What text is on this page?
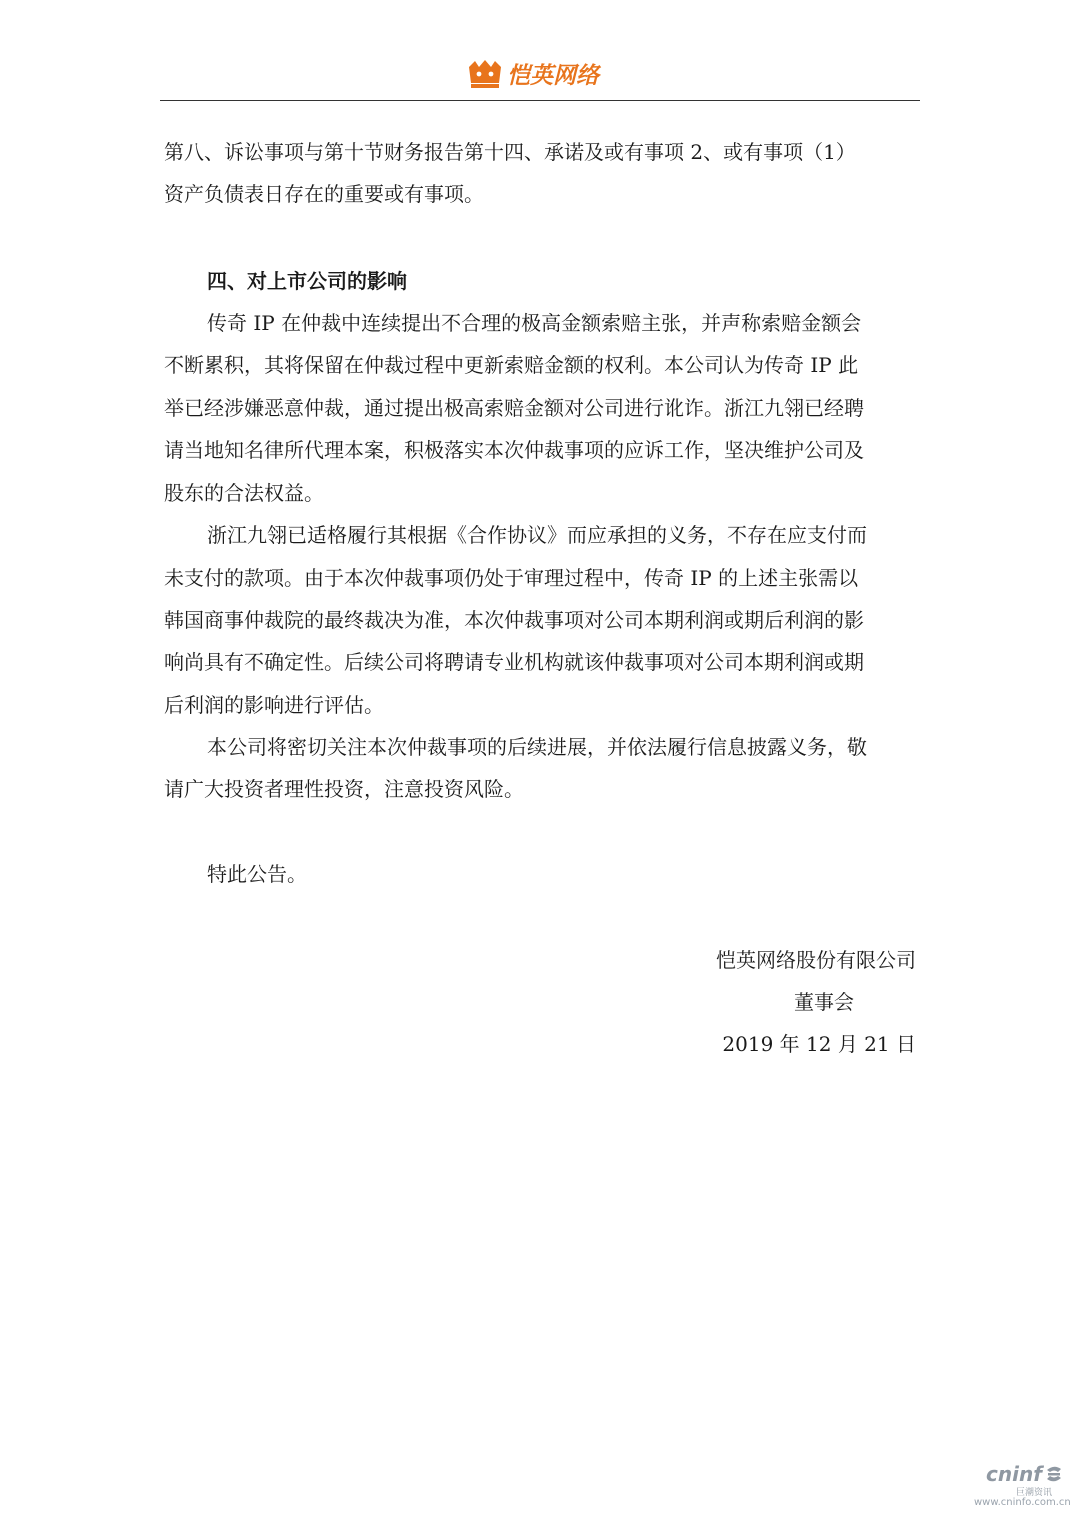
恺英网络
第八、诉讼事项与第十节财务报告第十四、承诺及或有事项 2、或有事项（1）
资产负债表日存在的重要或有事项。
四、对上市公司的影响
传奇 IP 在仲裁中连续提出不合理的极高金额索赔主张，并声称索赔金额会
不断累积，其将保留在仲裁过程中更新索赔金额的权利。本公司认为传奇 IP 此
举已经涉嫌恶意仲裁，通过提出极高索赔金额对公司进行讹诈。浙江九翎已经聘
请当地知名律所代理本案，积极落实本次仲裁事项的应诉工作，坚决维护公司及
股东的合法权益。
浙江九翎已适格履行其根据《合作协议》而应承担的义务，不存在应支付而
未支付的款项。由于本次仲裁事项仍处于审理过程中，传奇 IP 的上述主张需以
韩国商事仲裁院的最终裁决为准，本次仲裁事项对公司本期利润或期后利润的影
响尚具有不确定性。后续公司将聘请专业机构就该仲裁事项对公司本期利润或期
后利润的影响进行评估。
本公司将密切关注本次仲裁事项的后续进展，并依法履行信息披露义务，敬
请广大投资者理性投资，注意投资风险。
特此公告。
恺英网络股份有限公司
董事会
2019 年 12 月 21 日
cninf
巨潮资讯
www.cninfo.com.cn
